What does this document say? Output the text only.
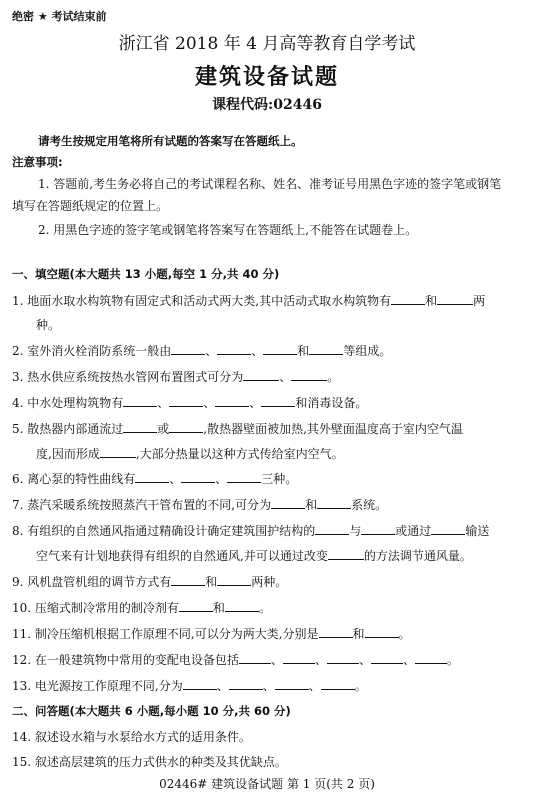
绝密 ★ 考试结束前
浙江省 2018 年 4 月高等教育自学考试
建筑设备试题
课程代码:02446
请考生按规定用笔将所有试题的答案写在答题纸上。
注意事项:
1. 答题前,考生务必将自己的考试课程名称、姓名、准考证号用黑色字迹的签字笔或钢笔
填写在答题纸规定的位置上。
2. 用黑色字迹的签字笔或钢笔将答案写在答题纸上,不能答在试题卷上。
一、填空题(本大题共 13 小题,每空 1 分,共 40 分)
1. 地面水取水构筑物有固定式和活动式两大类,其中活动式取水构筑物有	和	两
种。
2. 室外消火栓消防系统一般由	、	、	和	等组成。
3. 热水供应系统按热水管网布置图式可分为	、	。
4. 中水处理构筑物有	、	、	、	和消毒设备。
5. 散热器内部通流过	或	,散热器壁面被加热,其外壁面温度高于室内空气温
度,因而形成	,大部分热量以这种方式传给室内空气。
6. 离心泵的特性曲线有	、	、	三种。
7. 蒸汽采暖系统按照蒸汽干管布置的不同,可分为	和	系统。
8. 有组织的自然通风指通过精确设计确定建筑围护结构的	与	或通过	输送
空气来有计划地获得有组织的自然通风,并可以通过改变	的方法调节通风量。
9. 风机盘管机组的调节方式有	和	两种。
10. 压缩式制冷常用的制冷剂有	和	。
11. 制冷压缩机根据工作原理不同,可以分为两大类,分别是	和	。
12. 在一般建筑物中常用的变配电设备包括	、	、	、	、	。
13. 电光源按工作原理不同,分为	、	、	、	。
二、问答题(本大题共 6 小题,每小题 10 分,共 60 分)
14. 叙述设水箱与水泵给水方式的适用条件。
15. 叙述高层建筑的压力式供水的种类及其优缺点。
02446# 建筑设备试题 第 1 页(共 2 页)
